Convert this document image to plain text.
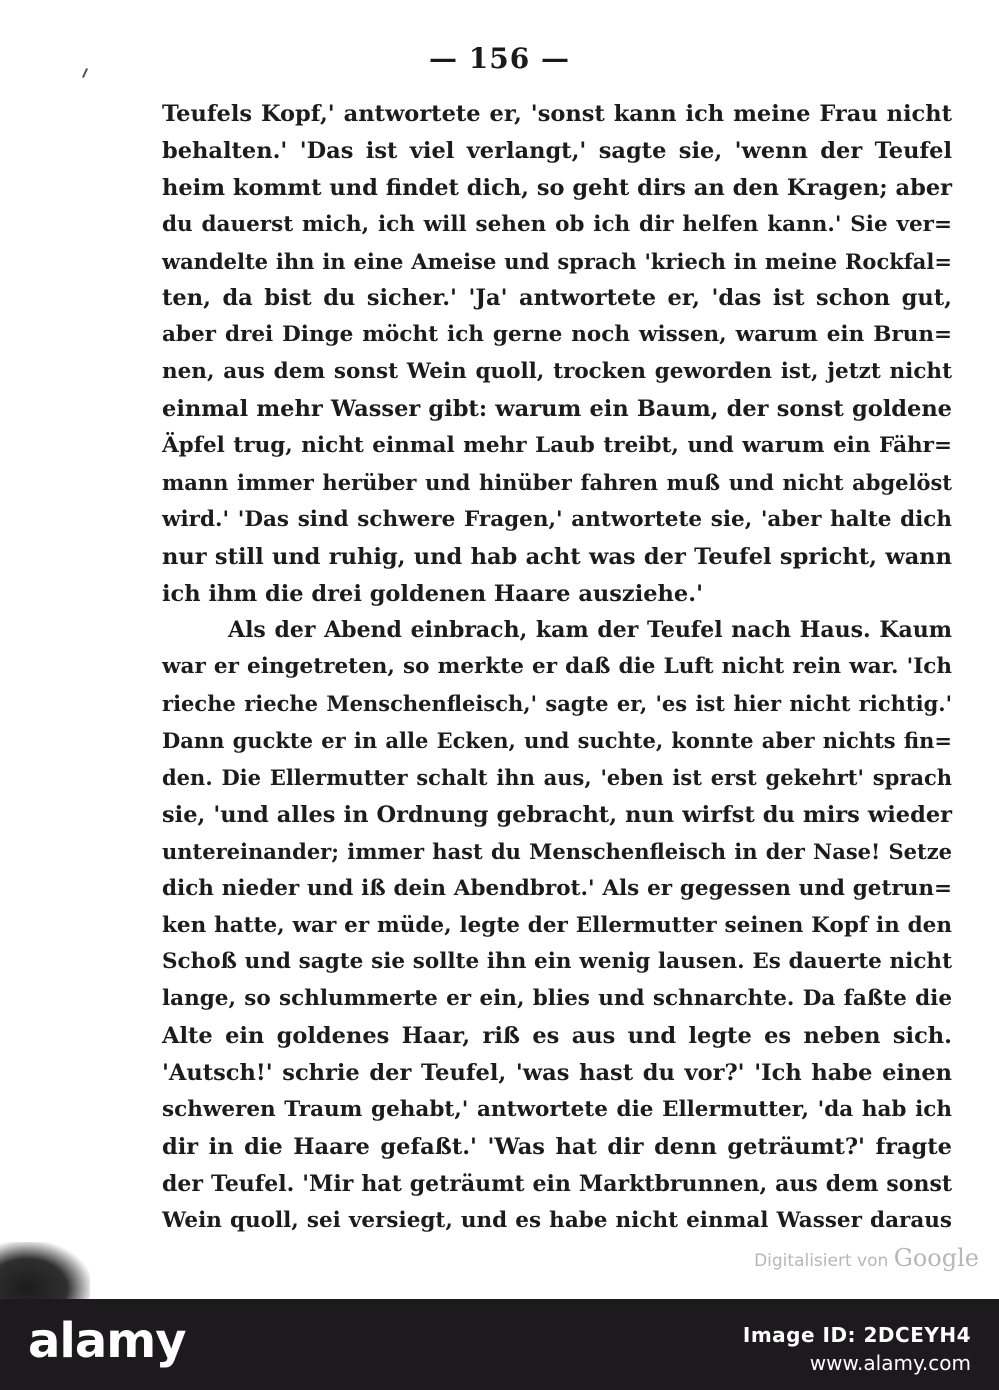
— 156 —
Teufels Kopf,' antwortete er, 'sonst kann ich meine Frau nicht
behalten.' 'Das ist viel verlangt,' sagte sie, 'wenn der Teufel
heim kommt und findet dich, so geht dirs an den Kragen; aber
du dauerst mich, ich will sehen ob ich dir helfen kann.' Sie ver=
wandelte ihn in eine Ameise und sprach 'kriech in meine Rockfal=
ten, da bist du sicher.' 'Ja' antwortete er, 'das ist schon gut,
aber drei Dinge möcht ich gerne noch wissen, warum ein Brun=
nen, aus dem sonst Wein quoll, trocken geworden ist, jetzt nicht
einmal mehr Wasser gibt: warum ein Baum, der sonst goldene
Äpfel trug, nicht einmal mehr Laub treibt, und warum ein Fähr=
mann immer herüber und hinüber fahren muß und nicht abgelöst
wird.' 'Das sind schwere Fragen,' antwortete sie, 'aber halte dich
nur still und ruhig, und hab acht was der Teufel spricht, wann
ich ihm die drei goldenen Haare ausziehe.'
Als der Abend einbrach, kam der Teufel nach Haus. Kaum
war er eingetreten, so merkte er daß die Luft nicht rein war. 'Ich
rieche rieche Menschenfleisch,' sagte er, 'es ist hier nicht richtig.'
Dann guckte er in alle Ecken, und suchte, konnte aber nichts fin=
den. Die Ellermutter schalt ihn aus, 'eben ist erst gekehrt' sprach
sie, 'und alles in Ordnung gebracht, nun wirfst du mirs wieder
untereinander; immer hast du Menschenfleisch in der Nase! Setze
dich nieder und iß dein Abendbrot.' Als er gegessen und getrun=
ken hatte, war er müde, legte der Ellermutter seinen Kopf in den
Schoß und sagte sie sollte ihn ein wenig lausen. Es dauerte nicht
lange, so schlummerte er ein, blies und schnarchte. Da faßte die
Alte ein goldenes Haar, riß es aus und legte es neben sich.
'Autsch!' schrie der Teufel, 'was hast du vor?' 'Ich habe einen
schweren Traum gehabt,' antwortete die Ellermutter, 'da hab ich
dir in die Haare gefaßt.' 'Was hat dir denn geträumt?' fragte
der Teufel. 'Mir hat geträumt ein Marktbrunnen, aus dem sonst
Wein quoll, sei versiegt, und es habe nicht einmal Wasser daraus
Digitalisiert von Google
alamy	Image ID: 2DCEYH4
www.alamy.com
